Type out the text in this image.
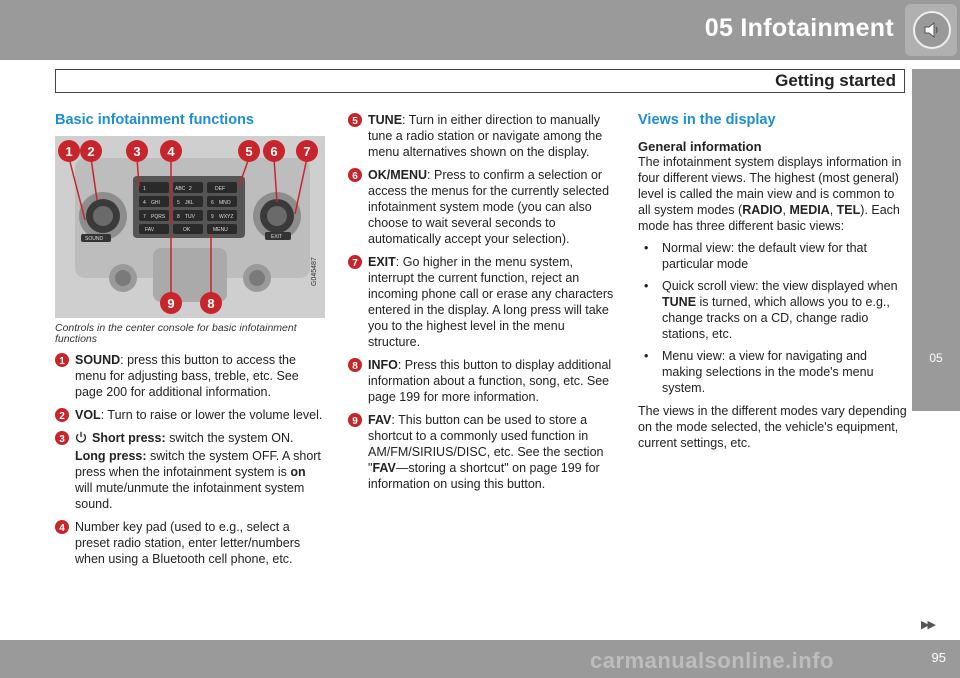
05 Infotainment
Getting started
05
Basic infotainment functions
SOUND	EXIT
1	ABC 2	DEF
4 GHI	5 JKL	6 MNO
7 PQRS 8 TUV	9 WXYZ
FAV	OK	MENU
1 2	3 4	5 6 7
9	8
G045487
Controls in the center console for basic infotainment functions
1 SOUND: press this button to access the menu for adjusting bass, treble, etc. See page 200 for additional information.
2 VOL: Turn to raise or lower the volume level.
3	Short press: switch the system ON.

Long press: switch the system OFF. A short press when the infotainment system is on will mute/unmute the infotainment system sound.

4 Number key pad (used to e.g., select a preset radio station, enter letter/numbers when using a Bluetooth cell phone, etc.
5 TUNE: Turn in either direction to manually tune a radio station or navigate among the menu alternatives shown on the display.
6 OK/MENU: Press to confirm a selection or access the menus for the currently selected infotainment system mode (you can also choose to wait several seconds to automatically accept your selection).
7 EXIT: Go higher in the menu system, interrupt the current function, reject an incoming phone call or erase any characters entered in the display. A long press will take you to the highest level in the menu structure.
8 INFO: Press this button to display additional information about a function, song, etc. See page 199 for more information.
9 FAV: This button can be used to store a shortcut to a commonly used function in AM/FM/SIRIUS/DISC, etc. See the section "FAV—storing a shortcut" on page 199 for information on using this button.
Views in the display
General information

The infotainment system displays information in four different views. The highest (most general) level is called the main view and is common to all system modes (RADIO, MEDIA, TEL). Each mode has three different basic views:

• Normal view: the default view for that particular mode
• Quick scroll view: the view displayed when TUNE is turned, which allows you to e.g., change tracks on a CD, change radio stations, etc.
• Menu view: a view for navigating and making selections in the mode's menu system.

The views in the different modes vary depending on the mode selected, the vehicle's equipment, current settings, etc.

▶▶
95
carmanualsonline.info
